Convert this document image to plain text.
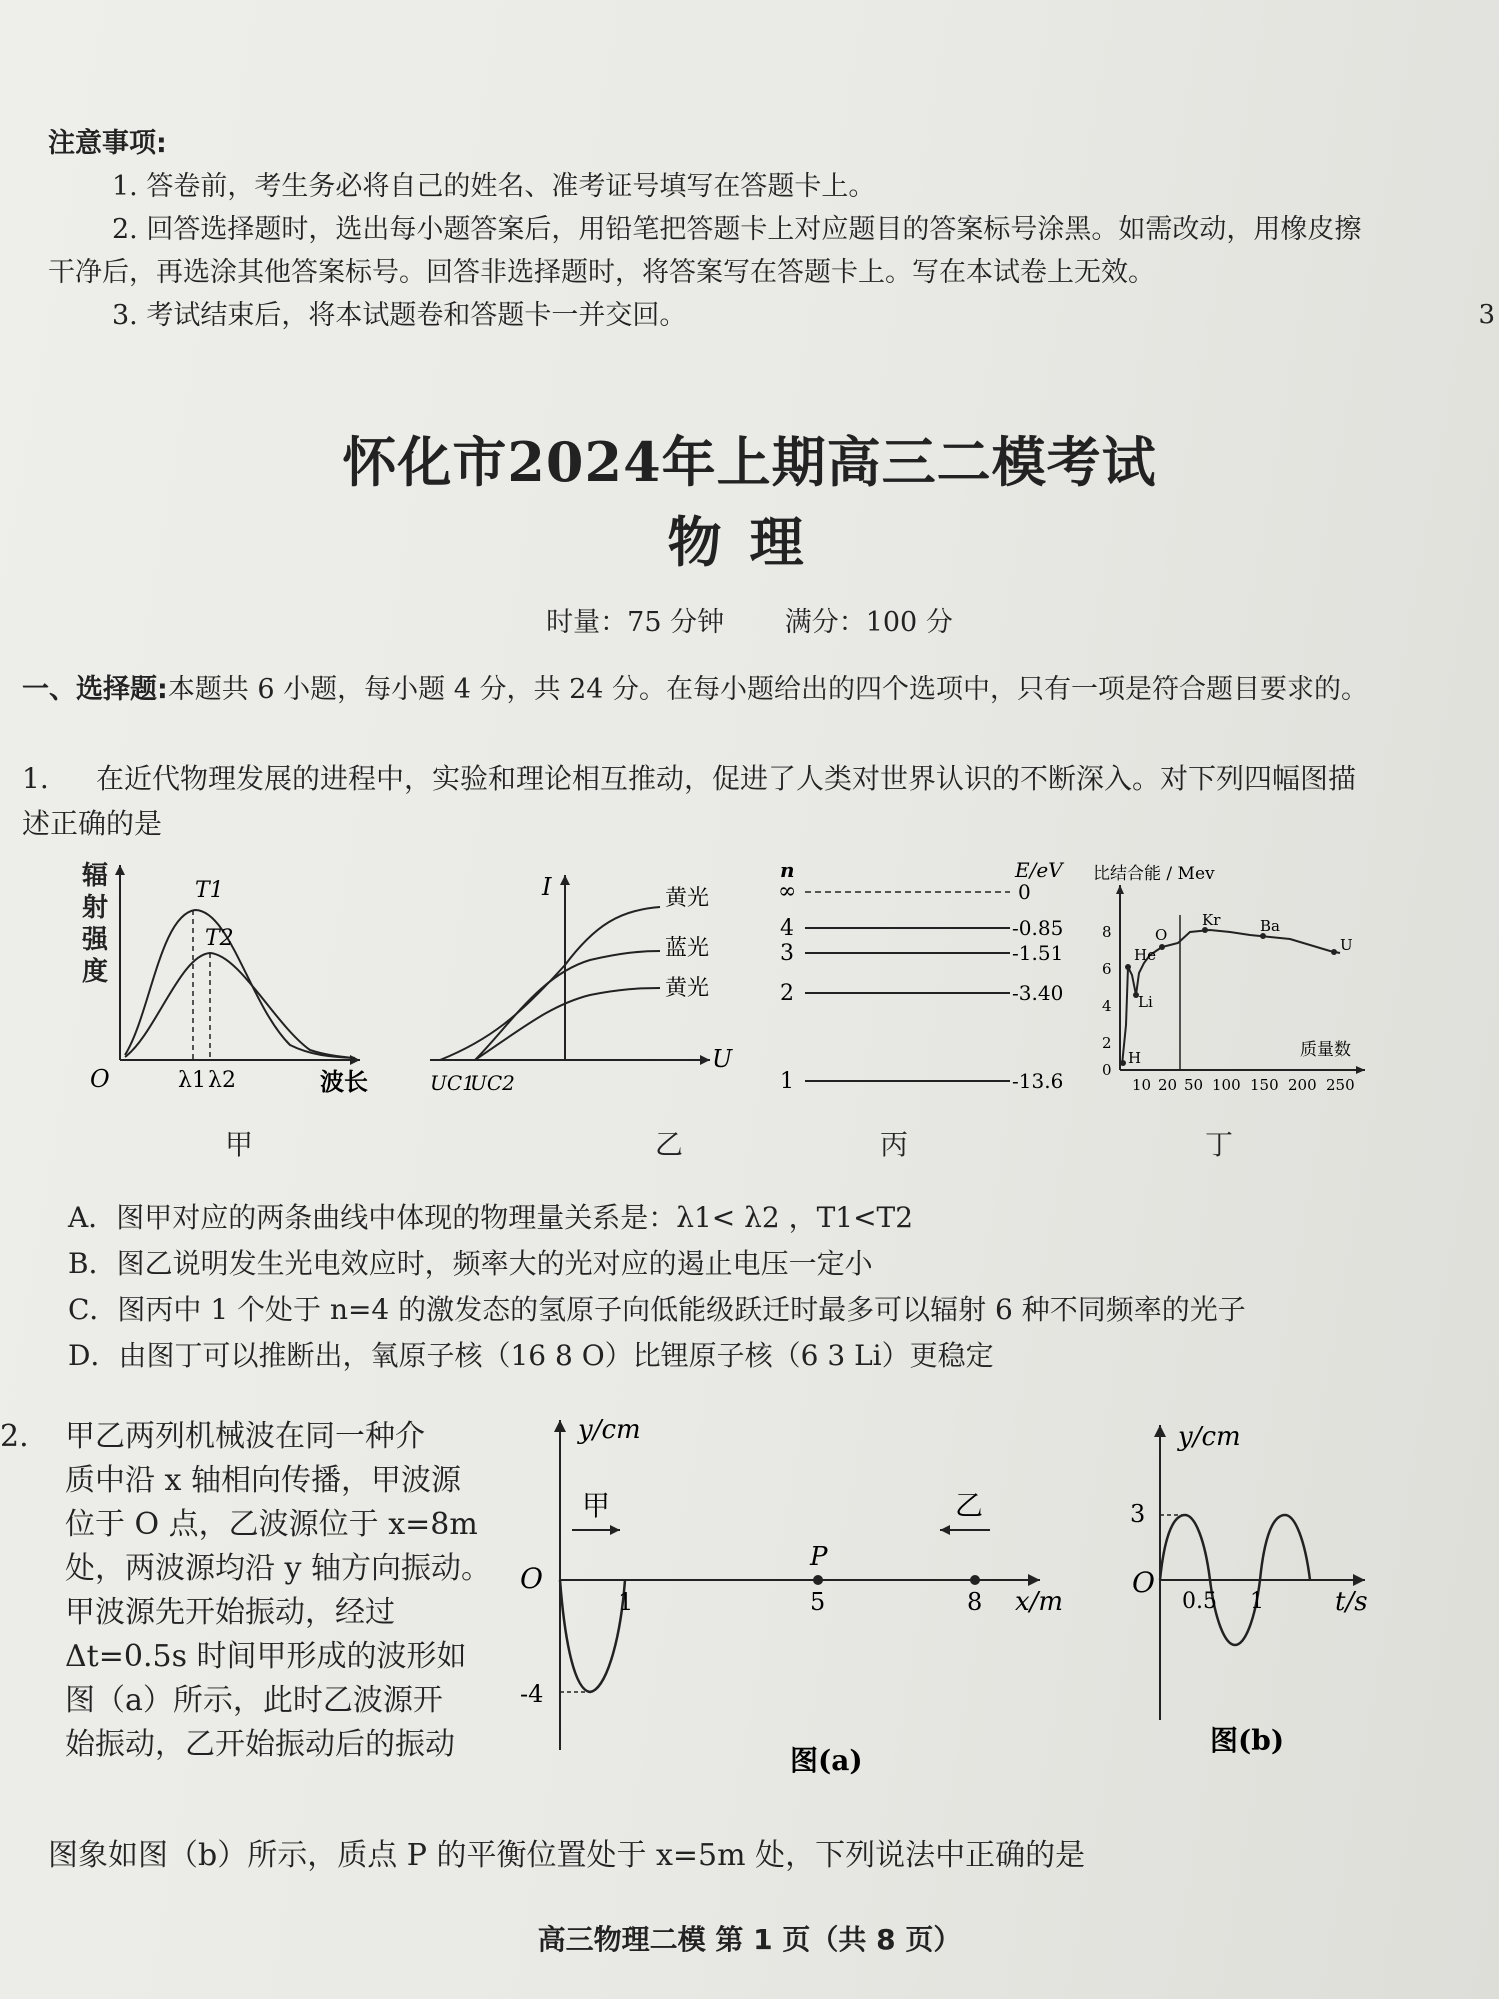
3
注意事项:
1. 答卷前，考生务必将自己的姓名、准考证号填写在答题卡上。
2. 回答选择题时，选出每小题答案后，用铅笔把答题卡上对应题目的答案标号涂黑。如需改动，用橡皮擦干净后，再选涂其他答案标号。回答非选择题时，将答案写在答题卡上。写在本试卷上无效。
3. 考试结束后，将本试题卷和答题卡一并交回。
怀化市2024年上期高三二模考试
物理
时量：75 分钟 满分：100 分
一、选择题:本题共 6 小题，每小题 4 分，共 24 分。在每小题给出的四个选项中，只有一项是符合题目要求的。
1. 在近代物理发展的进程中，实验和理论相互推动，促进了人类对世界认识的不断深入。对下列四幅图描述正确的是
T1
T2
O	λ1 λ2	波长
辐射强度
甲
I
U
UC1
UC2
黄光
蓝光
黄光
乙
n	E/eV
∞	0
4	-0.85
3	-1.51
2	-3.40
1	-13.6
丙
比结合能 / Mev
8
6
4
2
0
He
O
Kr	Ba
U
Li
H	质量数
10 20 50 100 150 200 250
丁
A．图甲对应的两条曲线中体现的物理量关系是：λ1< λ2 ，T1<T2
B．图乙说明发生光电效应时，频率大的光对应的遏止电压一定小
C．图丙中 1 个处于 n=4 的激发态的氢原子向低能级跃迁时最多可以辐射 6 种不同频率的光子
D．由图丁可以推断出，氧原子核（16 8 O）比锂原子核（6 3 Li）更稳定
2. 甲乙两列机械波在同一种介
质中沿 x 轴相向传播，甲波源
位于 O 点，乙波源位于 x=8m
处，两波源均沿 y 轴方向振动。
甲波源先开始振动，经过
Δt=0.5s 时间甲形成的波形如
图（a）所示，此时乙波源开
始振动，乙开始振动后的振动
图象如图（b）所示，质点 P 的平衡位置处于 x=5m 处，下列说法中正确的是
y/cm
O
甲	乙
P
1	5	8 x/m
-4
图(a)
y/cm
3
O
0.5 1	t/s
图(b)
高三物理二模 第 1 页（共 8 页）
